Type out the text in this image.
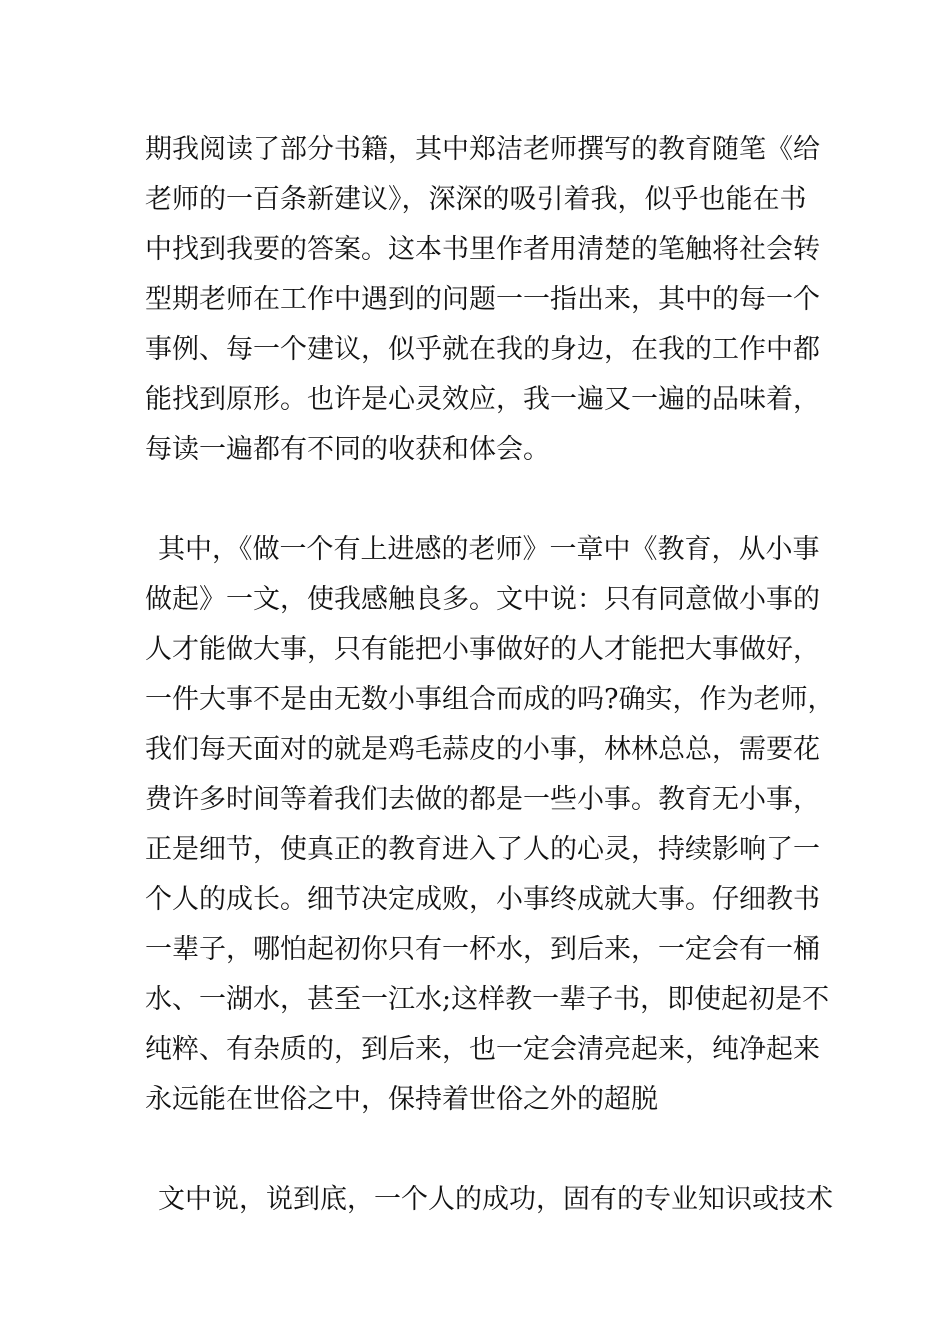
期我阅读了部分书籍，其中郑洁老师撰写的教育随笔《给
老师的一百条新建议》，深深的吸引着我，似乎也能在书
中找到我要的答案。这本书里作者用清楚的笔触将社会转
型期老师在工作中遇到的问题一一指出来，其中的每一个
事例、每一个建议，似乎就在我的身边，在我的工作中都
能找到原形。也许是心灵效应，我一遍又一遍的品味着，
每读一遍都有不同的收获和体会。
其中，《做一个有上进感的老师》一章中《教育，从小事
做起》一文，使我感触良多。文中说：只有同意做小事的
人才能做大事，只有能把小事做好的人才能把大事做好，
一件大事不是由无数小事组合而成的吗?确实，作为老师，
我们每天面对的就是鸡毛蒜皮的小事，林林总总，需要花
费许多时间等着我们去做的都是一些小事。教育无小事，
正是细节，使真正的教育进入了人的心灵，持续影响了一
个人的成长。细节决定成败，小事终成就大事。仔细教书
一辈子，哪怕起初你只有一杯水，到后来，一定会有一桶
水、一湖水，甚至一江水;这样教一辈子书，即使起初是不
纯粹、有杂质的，到后来，也一定会清亮起来，纯净起来
永远能在世俗之中，保持着世俗之外的超脱
文中说，说到底，一个人的成功，固有的专业知识或技术
